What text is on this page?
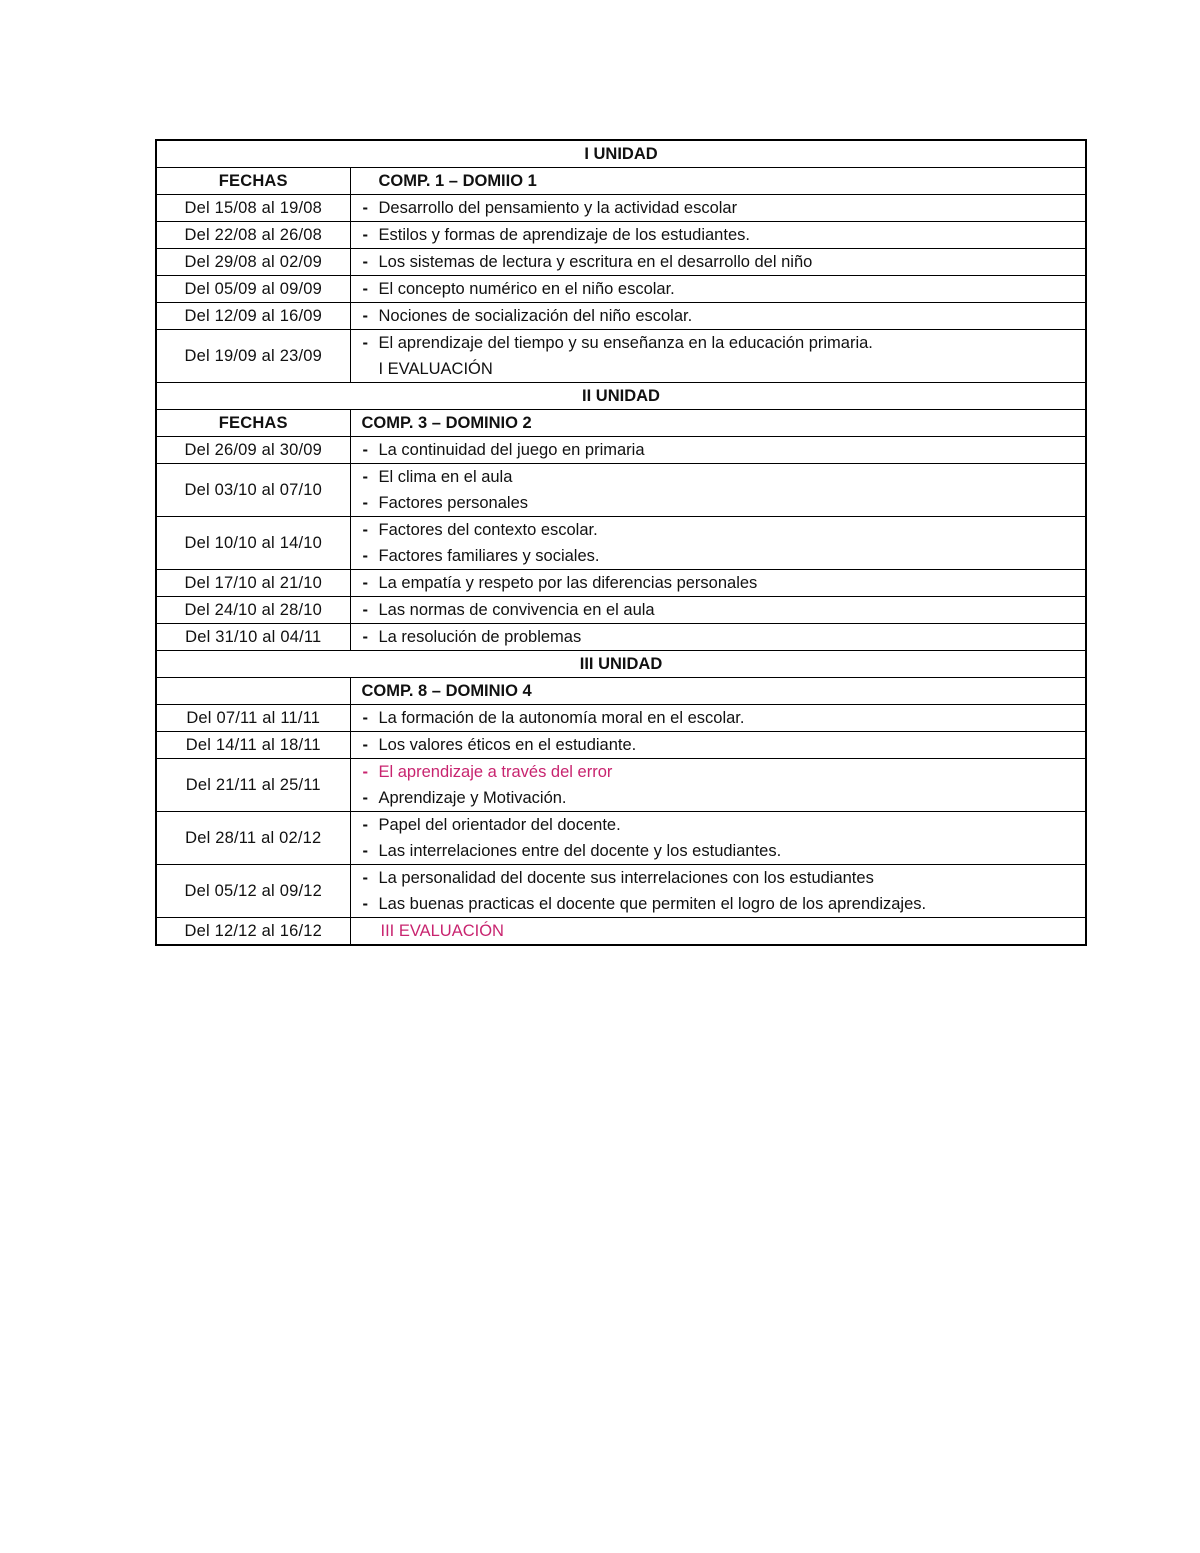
I UNIDAD	
FECHAS	COMP. 1 – DOMIIO 1
Del 15/08 al 19/08	- Desarrollo del pensamiento y la actividad escolar

Del 22/08 al 26/08	- Estilos y formas de aprendizaje de los estudiantes.

Del 29/08 al 02/09	- Los sistemas de lectura y escritura en el desarrollo del niño

Del 05/09 al 09/09	- El concepto numérico en el niño escolar.

Del 12/09 al 16/09	- Nociones de socialización del niño escolar.

Del 19/09 al 23/09	- El aprendizaje del tiempo y su enseñanza en la educación primaria.
I EVALUACIÓN

II UNIDAD	
FECHAS	COMP. 3 – DOMINIO 2
Del 26/09 al 30/09	- La continuidad del juego en primaria

Del 03/10 al 07/10	- El clima en el aula
- Factores personales

Del 10/10 al 14/10	- Factores del contexto escolar.
- Factores familiares y sociales.

Del 17/10 al 21/10	- La empatía y respeto por las diferencias personales

Del 24/10 al 28/10	- Las normas de convivencia en el aula

Del 31/10 al 04/11	- La resolución de problemas

III UNIDAD	
	COMP. 8 – DOMINIO 4
Del 07/11 al 11/11	- La formación de la autonomía moral en el escolar.

Del 14/11 al 18/11	- Los valores éticos en el estudiante.

Del 21/11 al 25/11	- El aprendizaje a través del error
- Aprendizaje y Motivación.

Del 28/11 al 02/12	- Papel del orientador del docente.
- Las interrelaciones entre del docente y los estudiantes.

Del 05/12 al 09/12	- La personalidad del docente sus interrelaciones con los estudiantes
- Las buenas practicas el docente que permiten el logro de los aprendizajes.

Del 12/12 al 16/12	III EVALUACIÓN
